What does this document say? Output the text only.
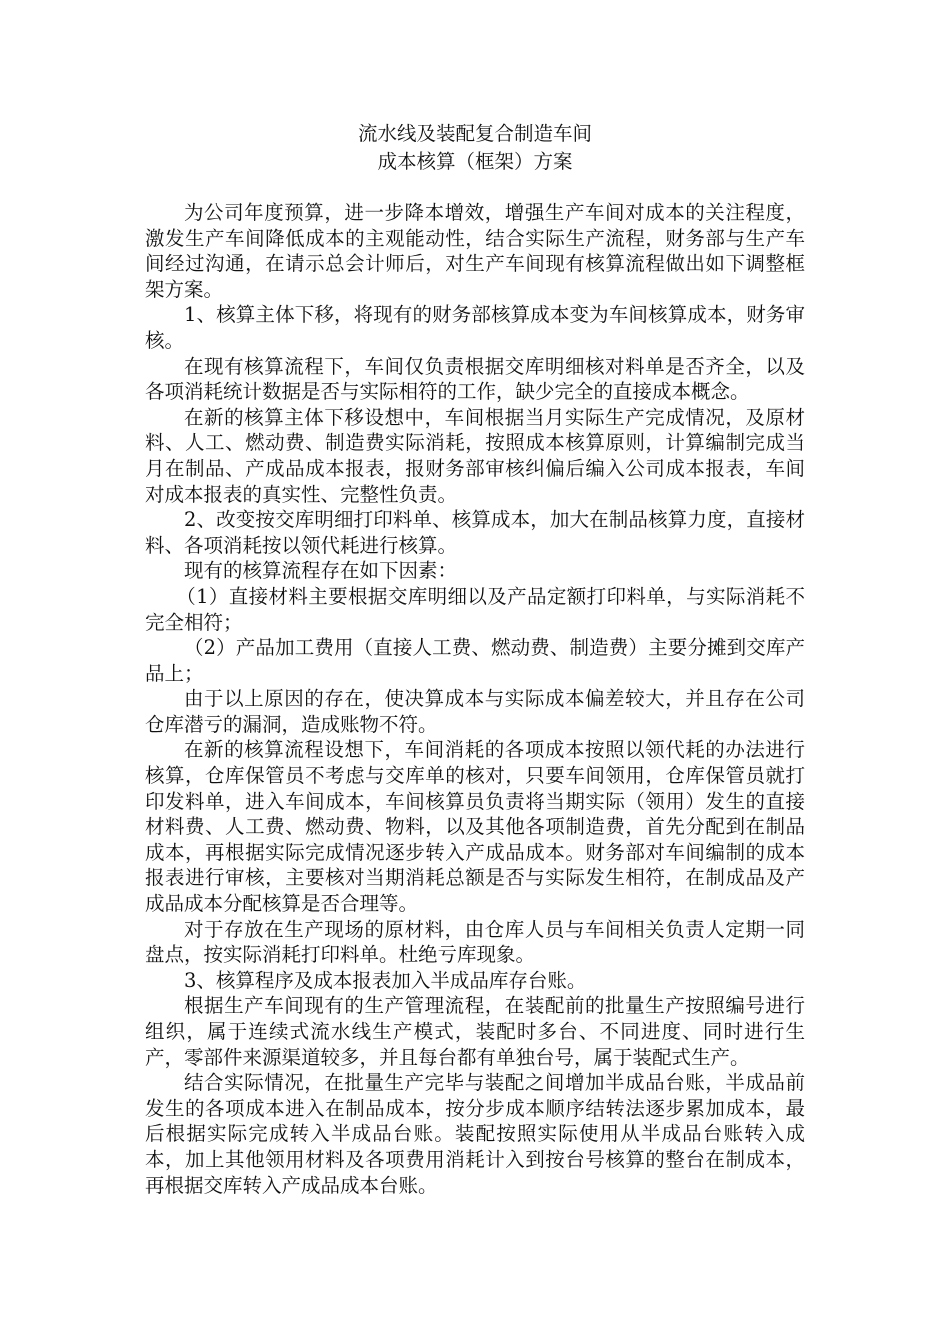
流水线及装配复合制造车间

成本核算（框架）方案

为公司年度预算，进一步降本增效，增强生产车间对成本的关注程度，激发生产车间降低成本的主观能动性，结合实际生产流程，财务部与生产车间经过沟通，在请示总会计师后，对生产车间现有核算流程做出如下调整框架方案。

1、核算主体下移，将现有的财务部核算成本变为车间核算成本，财务审核。

在现有核算流程下，车间仅负责根据交库明细核对料单是否齐全，以及各项消耗统计数据是否与实际相符的工作，缺少完全的直接成本概念。

在新的核算主体下移设想中，车间根据当月实际生产完成情况，及原材料、人工、燃动费、制造费实际消耗，按照成本核算原则，计算编制完成当月在制品、产成品成本报表，报财务部审核纠偏后编入公司成本报表，车间对成本报表的真实性、完整性负责。

2、改变按交库明细打印料单、核算成本，加大在制品核算力度，直接材料、各项消耗按以领代耗进行核算。

现有的核算流程存在如下因素：

（1）直接材料主要根据交库明细以及产品定额打印料单，与实际消耗不完全相符；

（2）产品加工费用（直接人工费、燃动费、制造费）主要分摊到交库产品上；

由于以上原因的存在，使决算成本与实际成本偏差较大，并且存在公司仓库潜亏的漏洞，造成账物不符。

在新的核算流程设想下，车间消耗的各项成本按照以领代耗的办法进行核算，仓库保管员不考虑与交库单的核对，只要车间领用，仓库保管员就打印发料单，进入车间成本，车间核算员负责将当期实际（领用）发生的直接材料费、人工费、燃动费、物料，以及其他各项制造费，首先分配到在制品成本，再根据实际完成情况逐步转入产成品成本。财务部对车间编制的成本报表进行审核，主要核对当期消耗总额是否与实际发生相符，在制成品及产成品成本分配核算是否合理等。

对于存放在生产现场的原材料，由仓库人员与车间相关负责人定期一同盘点，按实际消耗打印料单。杜绝亏库现象。

3、核算程序及成本报表加入半成品库存台账。

根据生产车间现有的生产管理流程，在装配前的批量生产按照编号进行组织，属于连续式流水线生产模式，装配时多台、不同进度、同时进行生产，零部件来源渠道较多，并且每台都有单独台号，属于装配式生产。

结合实际情况，在批量生产完毕与装配之间增加半成品台账，半成品前发生的各项成本进入在制品成本，按分步成本顺序结转法逐步累加成本，最后根据实际完成转入半成品台账。装配按照实际使用从半成品台账转入成本，加上其他领用材料及各项费用消耗计入到按台号核算的整台在制成本，再根据交库转入产成品成本台账。
